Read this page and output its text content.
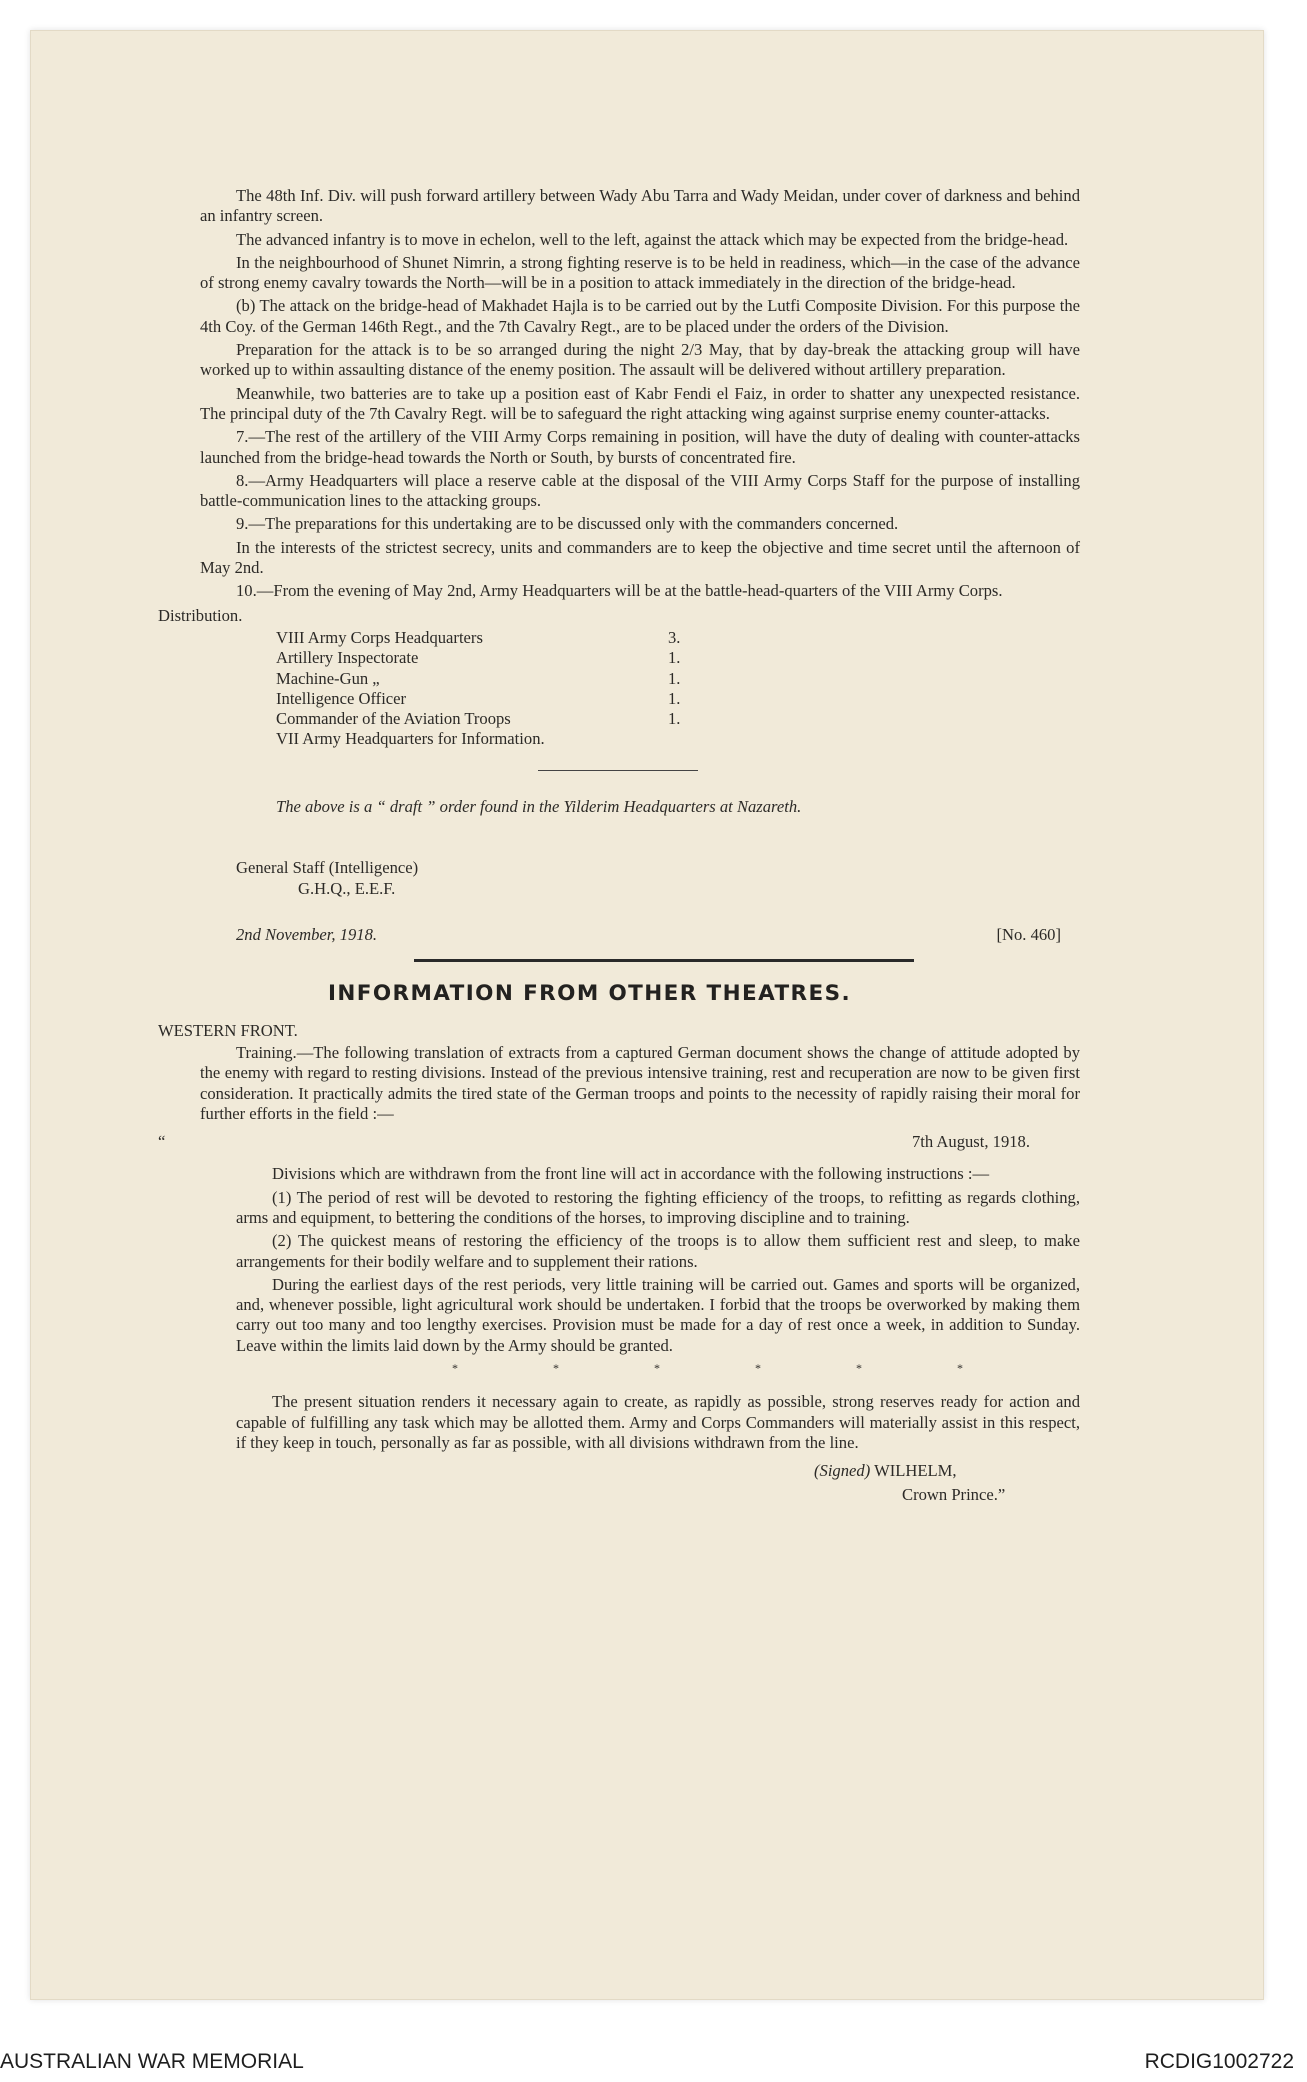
The 48th Inf. Div. will push forward artillery between Wady Abu Tarra and Wady Meidan, under cover of darkness and behind an infantry screen.

The advanced infantry is to move in echelon, well to the left, against the attack which may be expected from the bridge-head.

In the neighbourhood of Shunet Nimrin, a strong fighting reserve is to be held in readiness, which—in the case of the advance of strong enemy cavalry towards the North—will be in a position to attack immediately in the direction of the bridge-head.

(b) The attack on the bridge-head of Makhadet Hajla is to be carried out by the Lutfi Composite Division. For this purpose the 4th Coy. of the German 146th Regt., and the 7th Cavalry Regt., are to be placed under the orders of the Division.

Preparation for the attack is to be so arranged during the night 2/3 May, that by day-break the attacking group will have worked up to within assaulting distance of the enemy position. The assault will be delivered without artillery preparation.

Meanwhile, two batteries are to take up a position east of Kabr Fendi el Faiz, in order to shatter any unexpected resistance. The principal duty of the 7th Cavalry Regt. will be to safeguard the right attacking wing against surprise enemy counter-attacks.

7.—The rest of the artillery of the VIII Army Corps remaining in position, will have the duty of dealing with counter-attacks launched from the bridge-head towards the North or South, by bursts of concentrated fire.

8.—Army Headquarters will place a reserve cable at the disposal of the VIII Army Corps Staff for the purpose of installing battle-communication lines to the attacking groups.

9.—The preparations for this undertaking are to be discussed only with the commanders concerned.

In the interests of the strictest secrecy, units and commanders are to keep the objective and time secret until the afternoon of May 2nd.

10.—From the evening of May 2nd, Army Headquarters will be at the battle-head-quarters of the VIII Army Corps.

Distribution.
VIII Army Corps Headquarters	3.
Artillery Inspectorate	1.
Machine-Gun „	1.
Intelligence Officer	1.
Commander of the Aviation Troops	1.
VII Army Headquarters for Information.
The above is a “ draft ” order found in the Yilderim Headquarters at Nazareth.
General Staff (Intelligence)
G.H.Q., E.E.F.
2nd November, 1918.	[No. 460]
INFORMATION FROM OTHER THEATRES.
WESTERN FRONT.

Training.—The following translation of extracts from a captured German document shows the change of attitude adopted by the enemy with regard to resting divisions. Instead of the previous intensive training, rest and recuperation are now to be given first consideration. It practically admits the tired state of the German troops and points to the necessity of rapidly raising their moral for further efforts in the field :—

“	7th August, 1918.

Divisions which are withdrawn from the front line will act in accordance with the following instructions :—

(1) The period of rest will be devoted to restoring the fighting efficiency of the troops, to refitting as regards clothing, arms and equipment, to bettering the conditions of the horses, to improving discipline and to training.

(2) The quickest means of restoring the efficiency of the troops is to allow them sufficient rest and sleep, to make arrangements for their bodily welfare and to supplement their rations.

During the earliest days of the rest periods, very little training will be carried out. Games and sports will be organized, and, whenever possible, light agricultural work should be undertaken. I forbid that the troops be overworked by making them carry out too many and too lengthy exercises. Provision must be made for a day of rest once a week, in addition to Sunday. Leave within the limits laid down by the Army should be granted.

* * * * * *

The present situation renders it necessary again to create, as rapidly as possible, strong reserves ready for action and capable of fulfilling any task which may be allotted them. Army and Corps Commanders will materially assist in this respect, if they keep in touch, personally as far as possible, with all divisions withdrawn from the line.

(Signed) WILHELM,
Crown Prince.”
AUSTRALIAN WAR MEMORIAL	RCDIG1002722
